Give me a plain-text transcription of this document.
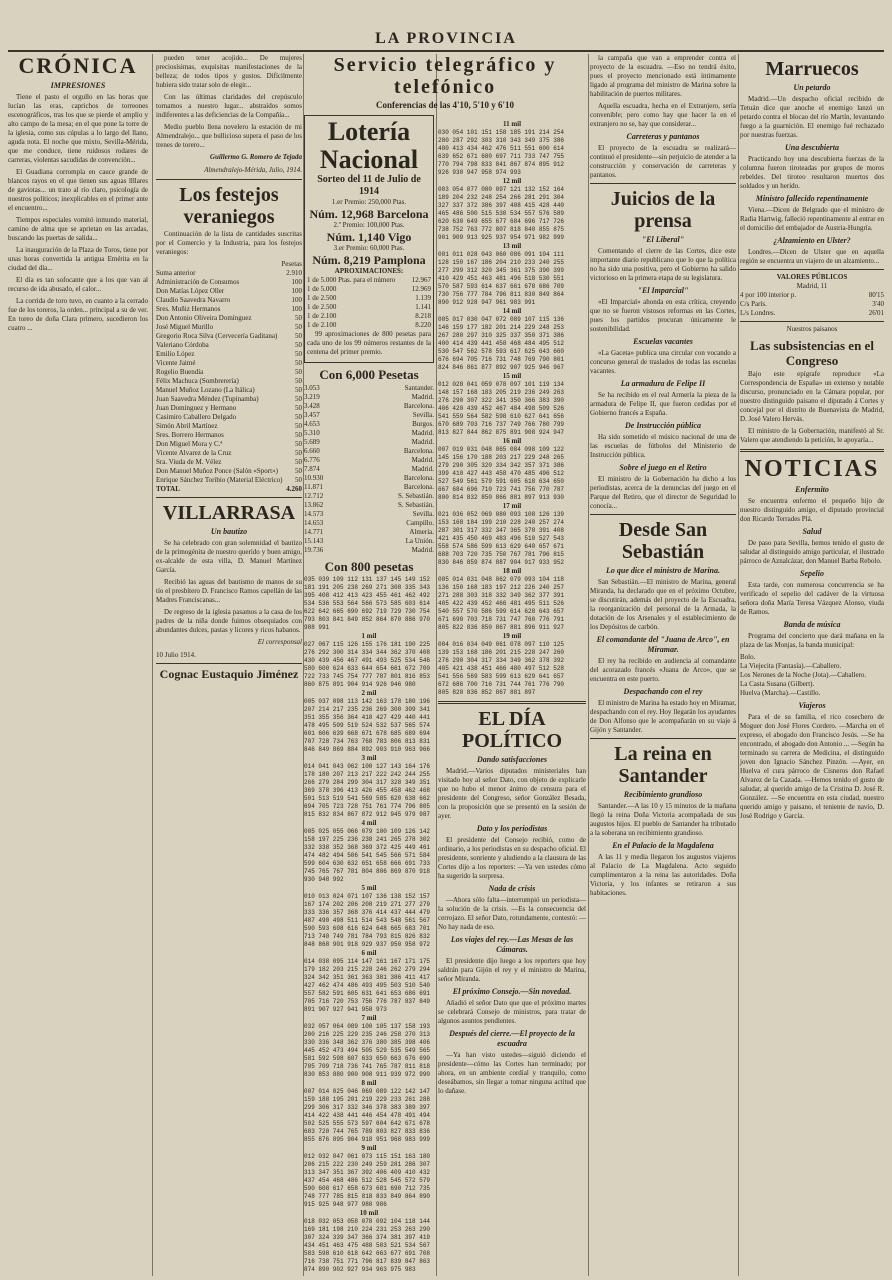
LA PROVINCIA
CRÓNICA
IMPRESIONES

Tiene el pasto el orgullo en las horas que lucían las eras, caprichos de torreones escenográficos, tras los que se pierde el amplio y alto campo de la mesa; en el que pone la torre de la iglesia, como sus cúpulas a lo largo del llano, aguda nota. El noche que mixto, Sevilla-Mérida, que me conduce, tiene ruidosos rodares de carreras, violentas sacudidas de convención...

El Guadiana corrompía en cauce grande de blancos rayos en el que tienen sus aguas llllares de gaviotas... un trato al río claro, psicología de nuestros políticos; inexplicables en el primer ante el encuentro...

Tiempos especiales vomitó inmundo material, camino de alma que se aprietan en las arcadas, buscando las puertas de salida...

La inauguración de la Plaza de Toros, tiene por unas horas convertida la antigua Emérita en la ciudad del día...

El día es tan sofocante que a los que van al recurso de ida abusado, el calor...

La corrida de toro tuvo, en cuanto a la cerrado fue de los toreros, la orden... principal a su de ver. En toreo de doña Clara primero, sucedieron los cuatro ...

pueden tener acojido... De mujeres preciosísimas, exquisitas manifestaciones de la belleza; de todos tipos y gustos. Difícilmente hubiera sido tratar solo de elegir...

Con las últimas claridades del crepúsculo tornamos a nuestro lugar... abstraídos somos indiferentes a las deficiencias de la Compañía...

Medio pueblo llena novelero la estación de mi Almendralejo... que bullicioso supera el paso de los trenes de torero...

Guillermo G. Romero de Tejada
Almendralejo-Mérida, Julio, 1914.
Los festejos veraniegos

Continuación de la lista de cantidades suscritas por el Comercio y la Industria, para los festejos veraniegos:

Pesetas
Suma anterior	2.910
Administración de Consumos	100
Don Matías López Oller	100
Claudio Saavedra Navarro	100
Sres. Muñiz Hermanos	100
Don Antonio Oliveira Domínguez	50
José Miguel Murillo	50
Gregorio Roca Silva (Cervecería Gaditana)	50
Valeriano Córdoba	50
Emilio López	50
Vicente Jaimé	50
Rogelio Buendía	50
Félix Machuca (Sombrerería)	50
Manuel Muñoz Lozano (La Itálica)	50
Juan Saavedra Méndez (Tupinamba)	50
Juan Domínguez y Hermano	50
Casimiro Caballero Delgado	50
Simón Abril Martínez	50
Sres. Borrero Hermanos	50
Don Miguel Mora y C.ª	50
Vicente Alvarez de la Cruz	50
Sra. Viuda de M. Vélez	50
Don Manuel Muñoz Ponce (Salón «Sport») 50
Enrique Sánchez Toribio (Material Eléctrico) 50
TOTAL	4.260
VILLARRASA
Un bautizo

Se ha celebrado con gran solemnidad el bautizo de la primogénita de nuestro querido y buen amigo, ex-alcalde de esta villa, D. Manuel Martínez García.

Recibió las aguas del bautismo de manos de su tío el presbítero D. Francisco Ramos capellán de las Madres Franciscanas...

De regreso de la iglesia pasamos a la casa de los padres de la niña donde fuimos obsequiados con abundantes dulces, pastas y licores y ricos habanos.

El corresponsal
10 Julio 1914.
Cognac Eustaquio Jiménez
Servicio telegráfico y telefónico
Conferencias de las 4'10, 5'10 y 6'10
Lotería Nacional
Sorteo del 11 de Julio de 1914
1.er Premio: 250,000 Ptas.
Núm. 12,968 Barcelona
2.º Premio: 100,000 Ptas.
Núm. 1,140 Vigo
3.er Premio: 60,000 Ptas.
Núm. 8,219 Pamplona
APROXIMACIONES:
1 de 5.000 Ptas. para el número 12.967
1 de 5.000	12.969
1 de 2.500	1.139
1 de 2.500	1.141
1 de 2.100	8.218
1 de 2.100	8.220

99 aproximaciones de 800 pesetas para cada uno de los 99 números restantes de la centena del primer premio.

Con 6,000 Pesetas
3.053	Santander.
3.219	Madrid.
3.428	Barcelona.
3.457	Sevilla.
4.653	Burgos.
5.310	Madrid.
5.689	Madrid.
6.660	Barcelona.
6.776	Madrid.
7.874	Madrid.
10.930	Barcelona.
11.871	Barcelona.
12.712	S. Sebastián.
13.862	S. Sebastián.
14.573	Sevilla.
14.653	Campillo.
14.771	Almería.
15.143	La Unión.
19.736	Madrid.
Con 800 pesetas
035 039 109 112 131 137 145 149 152
181 191 205 238 269 271 308 335 343
395 408 412 413 423 455 461 462 492
534 536 553 564 566 573 585 603 614
622 642 665 690 692 719 729 730 754
793 803 841 849 852 864 870 886 970
988 991
1 mil
027 067 115 126 155 176 181 190 225
276 292 300 314 334 344 362 370 408
430 439 456 467 491 493 525 534 546
580 600 624 633 644 654 661 672 700
722 733 745 754 777 787 801 816 853
860 875 891 904 914 926 946 980
2 mil
005 037 098 113 142 163 178 180 196
207 214 217 235 236 269 300 309 341
351 355 356 364 410 427 429 440 441
478 495 509 519 524 532 537 565 574
601 606 639 668 671 678 685 689 694
707 728 734 763 768 783 806 813 831
846 849 869 884 892 903 910 963 966
3 mil
014 041 043 062 100 127 143 164 176
178 188 207 213 217 222 242 244 255
266 279 284 299 304 317 328 349 351
369 378 396 413 426 455 458 462 468
501 513 519 541 569 585 620 638 662
694 705 723 728 751 761 774 796 805
815 832 834 867 872 912 945 979 987
4 mil
005 025 055 066 079 100 109 126 142
158 197 225 236 238 241 265 278 302
332 338 352 368 369 372 425 449 461
474 482 494 506 541 545 566 571 584
599 604 630 632 651 658 666 691 733
745 765 767 781 804 806 869 870 918
930 948 992
5 mil
010 013 024 071 107 136 138 152 157
167 174 202 206 208 219 271 277 279
333 336 357 368 376 414 437 444 479
487 490 498 511 514 543 548 561 567
590 593 608 616 624 648 665 683 701
713 740 749 781 784 793 815 826 832
848 868 901 918 929 937 950 958 972
6 mil
014 038 095 114 147 161 167 171 175
179 182 203 215 228 246 262 279 294
324 342 351 361 363 381 386 411 417
427 462 474 486 493 495 503 510 540
557 582 591 605 631 641 653 686 691
705 716 720 753 756 776 787 837 849
891 907 927 941 958 973
7 mil
032 057 064 089 100 105 137 158 193
200 216 225 229 235 246 258 270 313
330 336 348 362 376 380 385 398 406
445 452 473 494 505 529 535 549 565
581 592 598 607 633 650 663 676 690
705 709 718 736 741 765 787 811 818
830 853 880 900 908 911 939 972 990
8 mil
007 014 025 046 069 089 122 142 147
159 188 195 201 219 229 233 261 288
299 306 317 332 346 378 383 389 397
414 422 438 441 446 454 478 491 494
502 525 555 573 597 604 642 671 678
683 720 744 765 789 803 827 833 836
855 876 895 904 918 951 968 983 999
9 mil
012 032 047 061 073 115 151 163 180
206 215 222 230 249 259 281 286 307
313 347 351 367 392 406 409 410 432
437 454 468 486 512 528 545 572 579
590 608 617 658 673 681 690 712 735
748 777 785 815 818 833 849 864 890
915 925 948 977 980 986
10 mil
018 032 053 058 078 092 104 118 144
169 181 198 210 224 231 253 263 290
307 324 339 347 366 374 381 397 419
434 451 463 475 488 503 521 534 567
583 598 610 618 642 663 677 691 708
716 738 751 771 796 817 839 847 863
874 890 902 927 934 963 975 983
11 mil
030 054 101 151 158 185 191 214 254
280 287 292 303 310 343 349 375 386
400 413 434 462 476 511 551 600 614
639 652 671 680 697 711 733 747 755
770 794 798 833 841 867 874 895 912
926 930 947 958 974 993
12 mil
003 054 077 080 097 121 132 152 164
189 204 232 248 254 266 281 291 304
327 337 372 386 397 408 415 428 440
465 486 500 515 530 534 557 576 589
620 630 649 655 677 684 696 717 726
738 752 763 772 807 818 840 855 875
901 909 913 925 937 954 971 982 999
13 mil
001 011 028 043 060 086 091 104 111
128 150 167 186 204 210 233 240 255
277 299 312 320 345 361 375 390 399
410 429 451 463 481 496 518 530 551
570 587 593 614 637 661 678 686 709
730 756 777 784 796 811 830 849 864
890 912 928 947 961 983 991
14 mil
005 017 030 047 072 089 107 115 136
146 159 177 182 201 214 229 248 253
267 280 297 310 325 337 350 371 386
400 414 439 441 458 468 484 495 512
530 547 562 578 593 617 625 643 660
676 694 705 716 731 748 769 790 801
824 846 861 877 892 907 925 946 967
15 mil
012 028 041 059 078 097 101 119 134
148 157 168 183 205 219 236 249 263
276 290 307 322 341 350 366 383 390
406 420 439 452 467 484 498 509 526
541 559 564 582 598 610 627 641 656
670 689 703 716 737 749 766 780 799
813 827 844 862 875 891 908 924 947
16 mil
007 019 031 048 065 084 098 109 122
145 156 170 188 203 217 229 248 265
279 290 305 320 334 342 357 371 386
399 410 427 443 458 470 485 496 512
527 549 561 579 591 605 618 634 650
667 684 696 710 723 741 756 770 787
800 814 832 850 866 881 897 913 930
17 mil
021 036 052 069 080 093 108 126 139
153 168 184 199 210 228 240 257 274
287 301 317 332 347 365 378 391 408
421 435 450 469 483 496 510 527 543
558 574 586 599 613 629 640 657 671
688 703 720 735 750 767 781 796 815
830 846 859 874 887 904 917 933 952
18 mil
005 014 031 048 062 079 093 104 118
136 150 168 183 197 212 226 240 257
271 288 303 318 332 349 362 377 391
405 422 439 452 466 481 495 511 526
540 557 570 586 599 614 628 643 657
671 690 703 718 731 747 760 776 791
805 822 836 850 867 881 896 911 927
19 mil
004 016 034 049 061 078 097 110 125
139 153 168 186 201 215 228 247 260
276 290 304 317 334 349 362 378 392
405 421 438 451 466 480 497 512 528
541 556 569 583 599 613 629 641 657
672 686 700 716 731 744 761 776 790
805 820 836 852 867 881 897
EL DÍA POLÍTICO
Dando satisfacciones

Madrid.—Varios diputados ministeriales han visitado hoy al señor Dato, con objeto de explicarle que no hubo el menor ánimo de censura para el presidente del Congreso, señor González Besada, con la proposición que se presentó en la sesión de ayer.

Dato y los periodistas

El presidente del Consejo recibió, como de ordinario, a los periodistas en su despacho oficial. El presidente, sonriente y aludiendo a la clausura de las Cortes dijo a los reporters: —Ya ven ustedes cómo ha sugerido la sorpresa.

Nada de crisis

—Ahora sólo falta—interrumpió un periodista—la solución de la crisis. —Es la consecuencia del cerrojazo. El señor Dato, rotundamente, contestó: —No hay nada de eso.

Los viajes del rey.—Las Mesas de las Cámaras.

El presidente dijo luego a los reporters que hoy saldrán para Gijón el rey y el ministro de Marina, señor Miranda.

El próximo Consejo.—Sin novedad.

Añadió el señor Dato que que el próximo martes se celebrará Consejo de ministros, para tratar de algunos asuntos pendientes.

Después del cierre.—El proyecto de la escuadra

—Ya han visto ustedes—siguió diciendo el presidente—cómo las Cortes han terminado; por ahora, en un ambiente cordial y tranquilo, como deseábamos, sin llegar a tomar ninguna actitud que lo dañase.

la campaña que van a emprender contra el proyecto de la escuadra. —Eso no tendrá éxito, pues el proyecto mencionado está íntimamente ligado al programa del ministro de Marina sobre la habilitación de puertos militares.

Aquella escuadra, hecha en el Extranjero, sería convenible; pero como hay que hacer la en el extranjero no se, hay que considerar...

Carreteras y pantanos

El proyecto de la escuadra se realizará—continuó el presidente—sin perjuicio de atender a la construcción y conservación de carreteras y pantanos.

Juicios de la prensa
"El Liberal"

Comentando el cierre de las Cortes, dice este importante diario republicano que lo que la política no ha sido una positiva, pero el Gobierno ha salido victorioso en la primera etapa de su legislatura.

"El Imparcial"

«El Imparcial» ahonda en esta crítica, creyendo que no se fueron vistosos reformas en las Cortes, pues los partidos procuran únicamente le sostenibilidad.

Escuelas vacantes

«La Gaceta» publica una circular con vocando a concurso general de traslados de todas las escuelas vacantes.

La armadura de Felipe II

Se ha recibido en el real Armería la pieza de la armadura de Felipe II, que fueron cedidas por el Gobierno francés a España.

De Instrucción pública

Ha sido sometido el músico nacional de una de las escuelas de fútbolos del Ministerio de Instrucción pública.

Sobre el juego en el Retiro

El ministro de la Gobernación ha dicho a los periodistas, acerca de la denuncias del juego en el Parque del Retiro, que el director de Seguridad lo conocía...

Desde San Sebastián
Lo que dice el ministro de Marina.

San Sebastián.—El ministro de Marina, general Miranda, ha declarado que en el próximo Octubre, se discutirán, además del proyecto de la Escuadra, la reorganización del personal de la Armada, la dotación de los Arsenales y el establecimiento de los Depósitos de carbón.

El comandante del "Juana de Arco", en Miramar.

El rey ha recibido en audiencia al comandante del acorazado francés «Juana de Arco», que se encuentra en este puerto.

Despachando con el rey

El ministro de Marina ha estado hoy en Miramar, despachando con el rey. Hoy llegarán los ayudantes de Don Alfonso que le acompañarán en su viaje á Gijón y Santander.

La reina en Santander
Recibimiento grandioso

Santander.—A las 10 y 15 minutos de la mañana llegó la reina Doña Victoria acompañada de sus augustos hijos. El pueblo de Santander ha tributado a la soberana un recibimiento grandioso.

En el Palacio de la Magdalena

A las 11 y media llegaron los augustos viajeros al Palacio de La Magdalena. Acto seguido cumplimentaron a la reina las autoridades. Doña Victoria, y los infantes se retiraron a sus habitaciones.

Marruecos
Un petardo

Madrid.—Un despacho oficial recibido de Tetuán dice que anoche el enemigo lanzó un petardo contra el blocao del río Martín, levantando fuego a la guarnición. El enemigo fué rechazado por nuestras fuerzas.

Una descubierta

Practicando hoy una descubierta fuerzas de la columna fueron tiroteadas por grupos de moros rebeldes. Del tiroteo resultaron muertos dos soldados y un herido.

Ministro fallecido repentinamente

Viena.—Dicen de Belgrado que el ministro de Radia Hartwig, falleció repentinamente al entrar en el domicilio del embajador de Austria-Hungría.

¿Alzamiento en Ulster?

Londres.—Dicen de Ulster que en aquella región se encuentra un viajero de un alzamiento...

VALORES PÚBLICOS
Madrid, 11
4 por 100 interior p.	80'15
C/s París.	3'40
L/s Londres.	26'01
Nuestros paisanos
Las subsistencias en el Congreso

Bajo este epígrafe reproduce «La Correspondencia de España» un extenso y notable discurso, pronunciado en la Cámara popular, por nuestro distinguido paisano el diputado á Cortes y concejal por el distrito de Buenavista de Madrid, D. José Valero Hervás.

El ministro de la Gobernación, manifestó al Sr. Valero que atendiendo la petición, le apoyaría...

NOTICIAS
Enfermito

Se encuentra enfermo el pequeño hijo de nuestro distinguido amigo, el diputado provincial don Ricardo Terrades Plá.

Salud

De paso para Sevilla, hemos tenido el gusto de saludar al distinguido amigo particular, el ilustrado párroco de Aznalcázar, don Manuel Barba Rebolo.

Sepelio

Esta tarde, con numerosa concurrencia se ha verificado el sepelio del cadáver de la virtuosa señora doña María Teresa Vázquez Alonso, viuda de Ramos.

Banda de música

Programa del concierto que dará mañana en la plaza de las Monjas, la banda municipal:

Bolo.
La Viejecita (Fantasía).—Caballero.
Los Nerones de la Noche (Jota).—Caballero.
La Casta Susana (Gilbert).
Huelva (Marcha).—Castillo.
Viajeros

Para el de su familia, el rico cosechero de Moguer don José Flores Cordero. —Marcha en el expreso, el abogado don Francisco Jesús. —Se ha encontrado, el abogado don Antonio ... —Según ha terminado su carrera de Medicina, el distinguido joven don Ignacio Sánchez Pinzón. —Ayer, en Huelva el cura párroco de Cisneros don Rafael Alvarez de la Cazada. —Hemos tenido el gusto de saludar, al querido amigo de la Cristina D. José R. González. —Se encuentra en esta ciudad, nuestro querido amigo y paisano, el teniente de navío, D. José Rodrigo y García.
